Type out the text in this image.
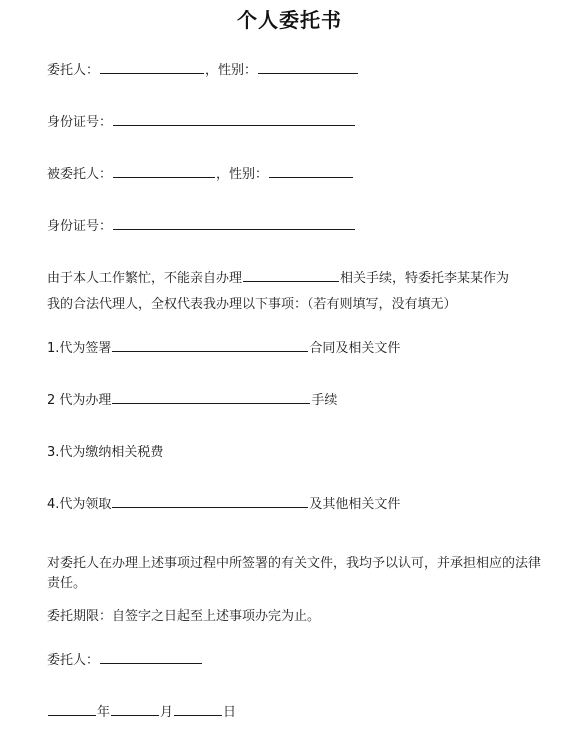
个人委托书
委托人：	，性别：
身份证号：
被委托人：	，性别：
身份证号：
由于本人工作繁忙，不能亲自办理	相关手续，特委托李某某作为
我的合法代理人，全权代表我办理以下事项：（若有则填写，没有填无）
1.代为签署	合同及相关文件
2 代为办理	手续
3.代为缴纳相关税费
4.代为领取	及其他相关文件
对委托人在办理上述事项过程中所签署的有关文件，我均予以认可，并承担相应的法律责任。
委托期限：自签字之日起至上述事项办完为止。
委托人：
年	月	日
